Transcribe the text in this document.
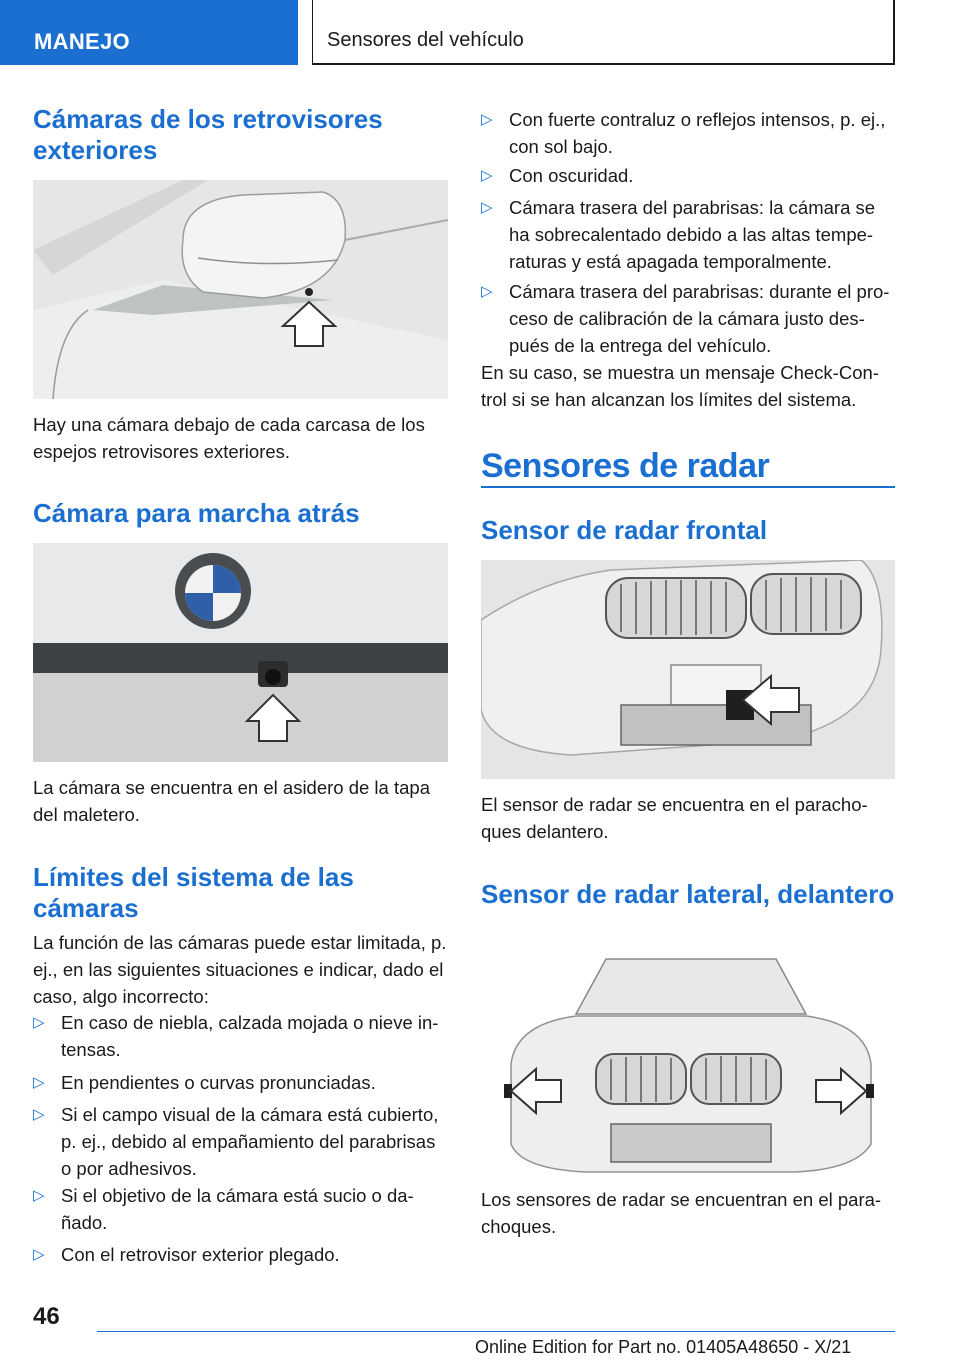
MANEJO	Sensores del vehículo
Cámaras de los retrovisores exteriores
Hay una cámara debajo de cada carcasa de los espejos retrovisores exteriores.
Cámara para marcha atrás
La cámara se encuentra en el asidero de la tapa del maletero.
Límites del sistema de las cámaras
La función de las cámaras puede estar limitada, p. ej., en las siguientes situaciones e indicar, dado el caso, algo incorrecto:
▷ En caso de niebla, calzada mojada o nieve in-tensas.
▷ En pendientes o curvas pronunciadas.
▷ Si el campo visual de la cámara está cubierto, p. ej., debido al empañamiento del parabrisas o por adhesivos.
▷ Si el objetivo de la cámara está sucio o da-ñado.
▷ Con el retrovisor exterior plegado.
▷ Con fuerte contraluz o reflejos intensos, p. ej., con sol bajo.
▷ Con oscuridad.
▷ Cámara trasera del parabrisas: la cámara se ha sobrecalentado debido a las altas tempe-raturas y está apagada temporalmente.
▷ Cámara trasera del parabrisas: durante el pro-ceso de calibración de la cámara justo des-pués de la entrega del vehículo.
En su caso, se muestra un mensaje Check-Con-trol si se han alcanzan los límites del sistema.
Sensores de radar
Sensor de radar frontal
El sensor de radar se encuentra en el paracho-ques delantero.
Sensor de radar lateral, delantero
Los sensores de radar se encuentran en el para-choques.
46
Online Edition for Part no. 01405A48650 - X/21
